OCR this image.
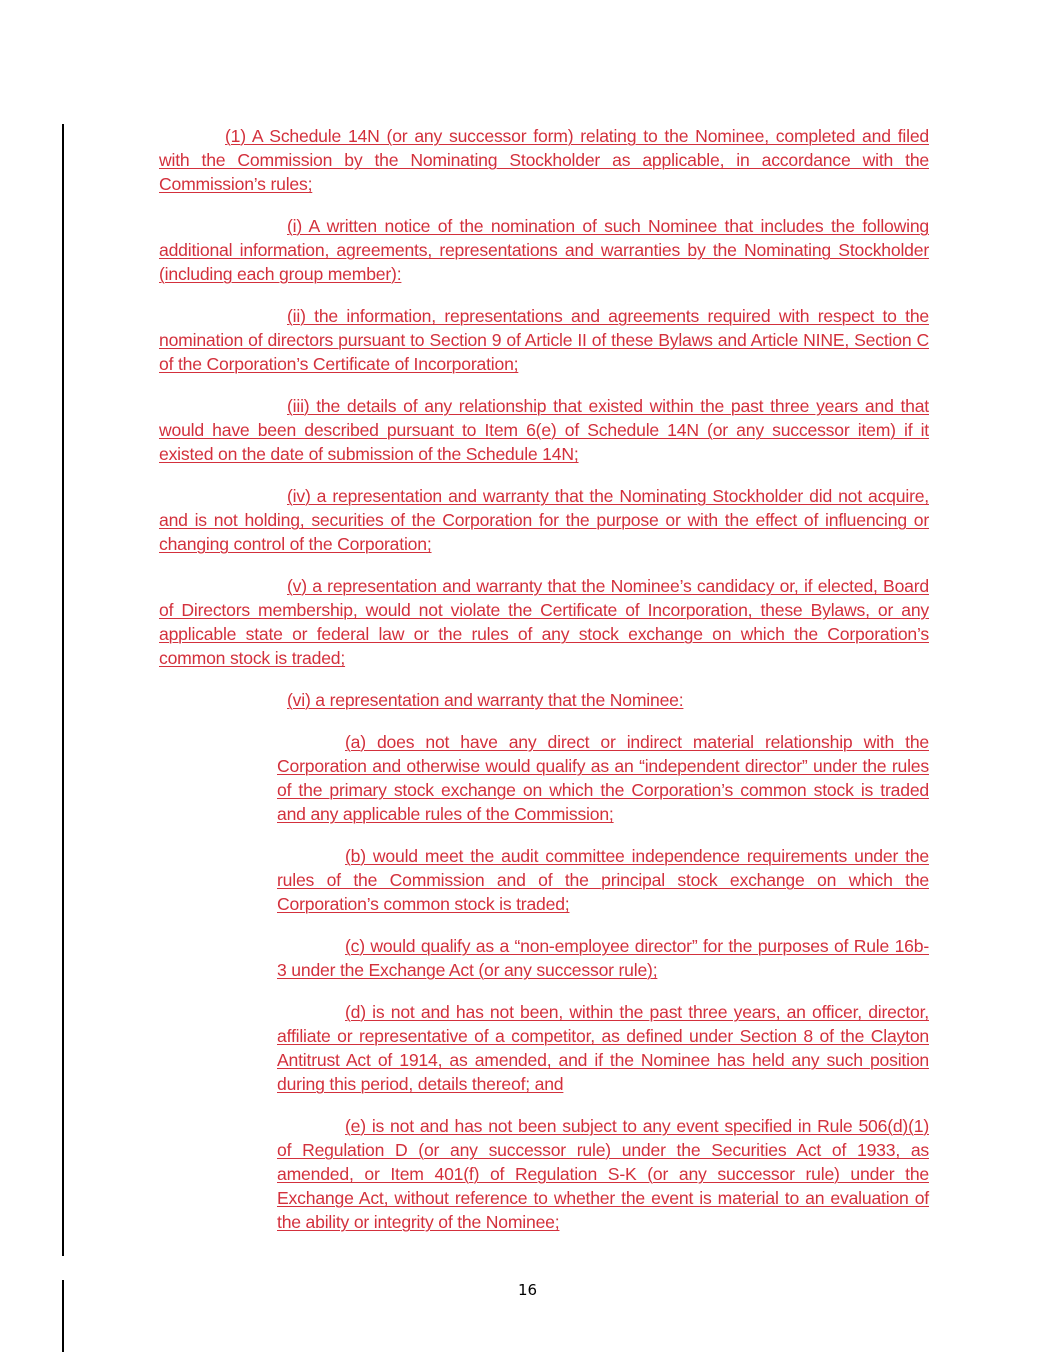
(1) A Schedule 14N (or any successor form) relating to the Nominee, completed and filed with the Commission by the Nominating Stockholder as applicable, in accordance with the Commission’s rules;

(i) A written notice of the nomination of such Nominee that includes the following additional information, agreements, representations and warranties by the Nominating Stockholder (including each group member):

(ii) the information, representations and agreements required with respect to the nomination of directors pursuant to Section 9 of Article II of these Bylaws and Article NINE, Section C of the Corporation’s Certificate of Incorporation;

(iii) the details of any relationship that existed within the past three years and that would have been described pursuant to Item 6(e) of Schedule 14N (or any successor item) if it existed on the date of submission of the Schedule 14N;

(iv) a representation and warranty that the Nominating Stockholder did not acquire, and is not holding, securities of the Corporation for the purpose or with the effect of influencing or changing control of the Corporation;

(v) a representation and warranty that the Nominee’s candidacy or, if elected, Board of Directors membership, would not violate the Certificate of Incorporation, these Bylaws, or any applicable state or federal law or the rules of any stock exchange on which the Corporation’s common stock is traded;

(vi) a representation and warranty that the Nominee:

(a) does not have any direct or indirect material relationship with the Corporation and otherwise would qualify as an “independent director” under the rules of the primary stock exchange on which the Corporation’s common stock is traded and any applicable rules of the Commission;

(b) would meet the audit committee independence requirements under the rules of the Commission and of the principal stock exchange on which the Corporation’s common stock is traded;

(c) would qualify as a “non-employee director” for the purposes of Rule 16b-3 under the Exchange Act (or any successor rule);

(d) is not and has not been, within the past three years, an officer, director, affiliate or representative of a competitor, as defined under Section 8 of the Clayton Antitrust Act of 1914, as amended, and if the Nominee has held any such position during this period, details thereof; and

(e) is not and has not been subject to any event specified in Rule 506(d)(1) of Regulation D (or any successor rule) under the Securities Act of 1933, as amended, or Item 401(f) of Regulation S-K (or any successor rule) under the Exchange Act, without reference to whether the event is material to an evaluation of the ability or integrity of the Nominee;

16
